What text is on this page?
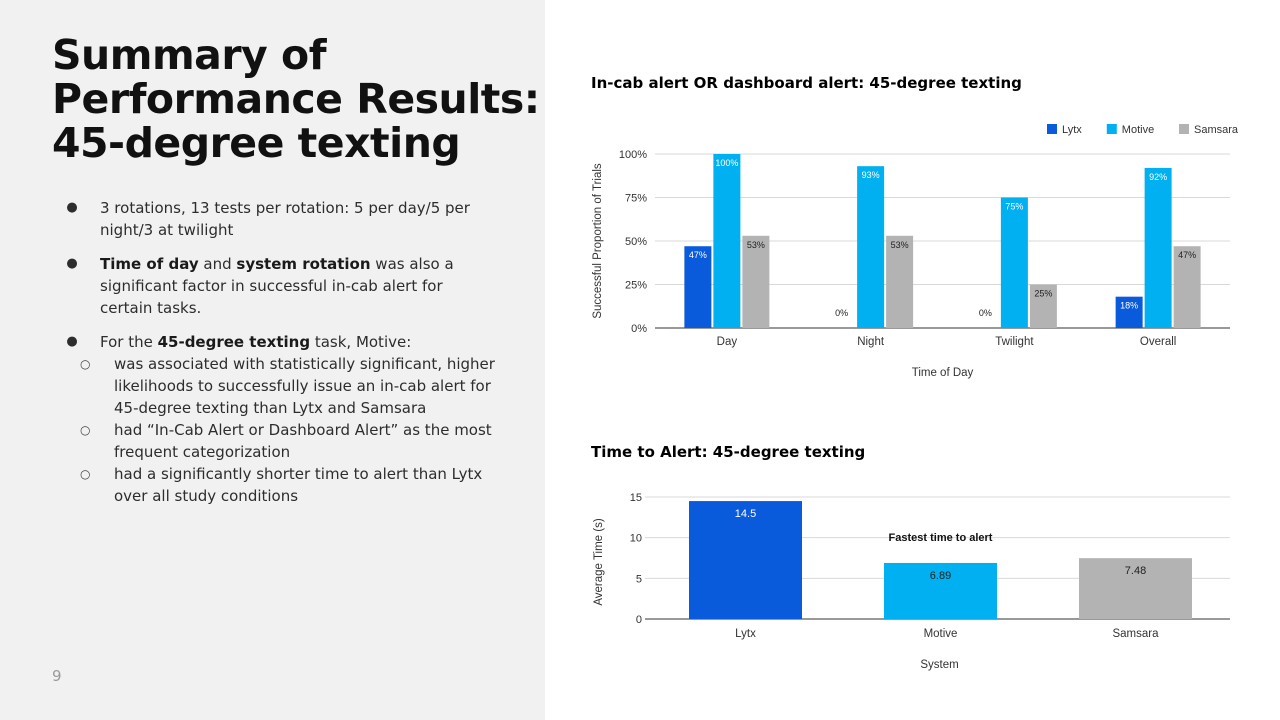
Summary of
Performance Results:
45-degree texting
● 3 rotations, 13 tests per rotation: 5 per day/5 per night/3 at twilight
● Time of day and system rotation was also a significant factor in successful in-cab alert for certain tasks.
● For the 45-degree texting task, Motive:
○ was associated with statistically significant, higher likelihoods to successfully issue an in-cab alert for 45-degree texting than Lytx and Samsara
○ had “In-Cab Alert or Dashboard Alert” as the most frequent categorization
○ had a significantly shorter time to alert than Lytx over all study conditions
9
In-cab alert OR dashboard alert: 45-degree texting
0%
25%
50%
75%
100%
Lytx	Motive	Samsara
47%
100%
53%
Day
0%
93%
53%
Night
0%
75%
25%
Twilight
18%
92%
47%
Overall
Time of Day
Successful Proportion of Trials
Time to Alert: 45-degree texting
0
5
10
15
14.5
Lytx
6.89
Motive
Fastest time to alert
7.48
Samsara
System
Average Time (s)
